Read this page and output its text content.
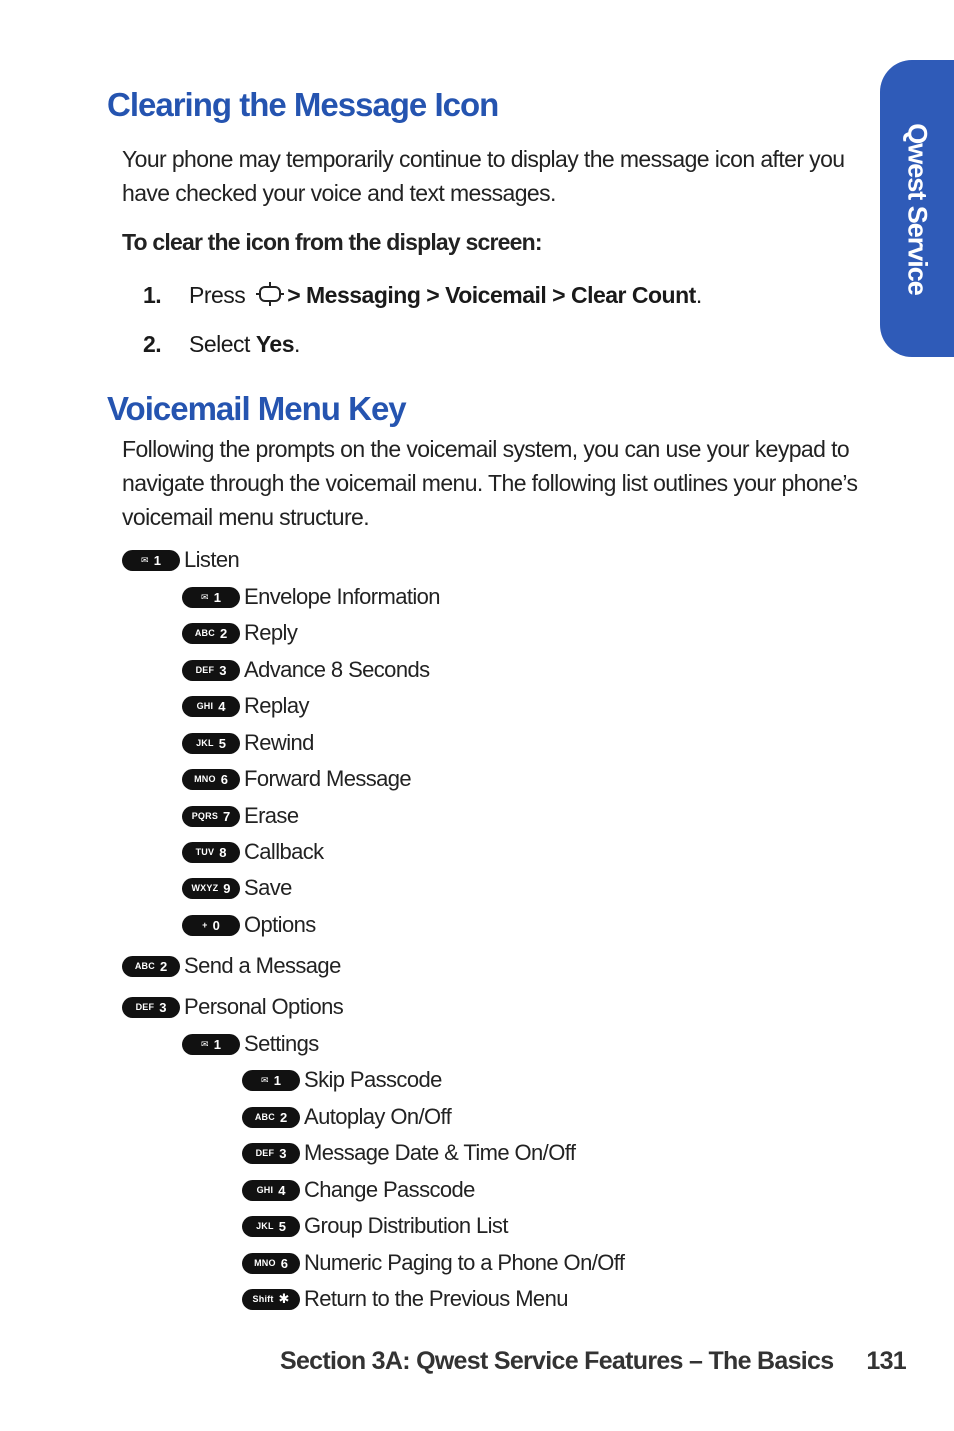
Qwest Service
Clearing the Message Icon

Your phone may temporarily continue to display the message icon after you have checked your voice and text messages.

To clear the icon from the display screen:

1. Press > Messaging > Voicemail > Clear Count.
2. Select Yes.
Voicemail Menu Key

Following the prompts on the voicemail system, you can use your keypad to navigate through the voicemail menu. The following list outlines your phone’s voicemail menu structure.

✉ 1 Listen
✉ 1 Envelope Information
ABC 2 Reply
DEF 3 Advance 8 Seconds
GHI 4 Replay
JKL 5 Rewind
MNO 6 Forward Message
PQRS 7 Erase
TUV 8 Callback
WXYZ 9 Save
+ 0 Options
ABC 2 Send a Message
DEF 3 Personal Options
✉ 1 Settings
✉ 1 Skip Passcode
ABC 2 Autoplay On/Off
DEF 3 Message Date & Time On/Off
GHI 4 Change Passcode
JKL 5 Group Distribution List
MNO 6 Numeric Paging to a Phone On/Off
Shift ✱ Return to the Previous Menu
Section 3A: Qwest Service Features – The Basics 131
